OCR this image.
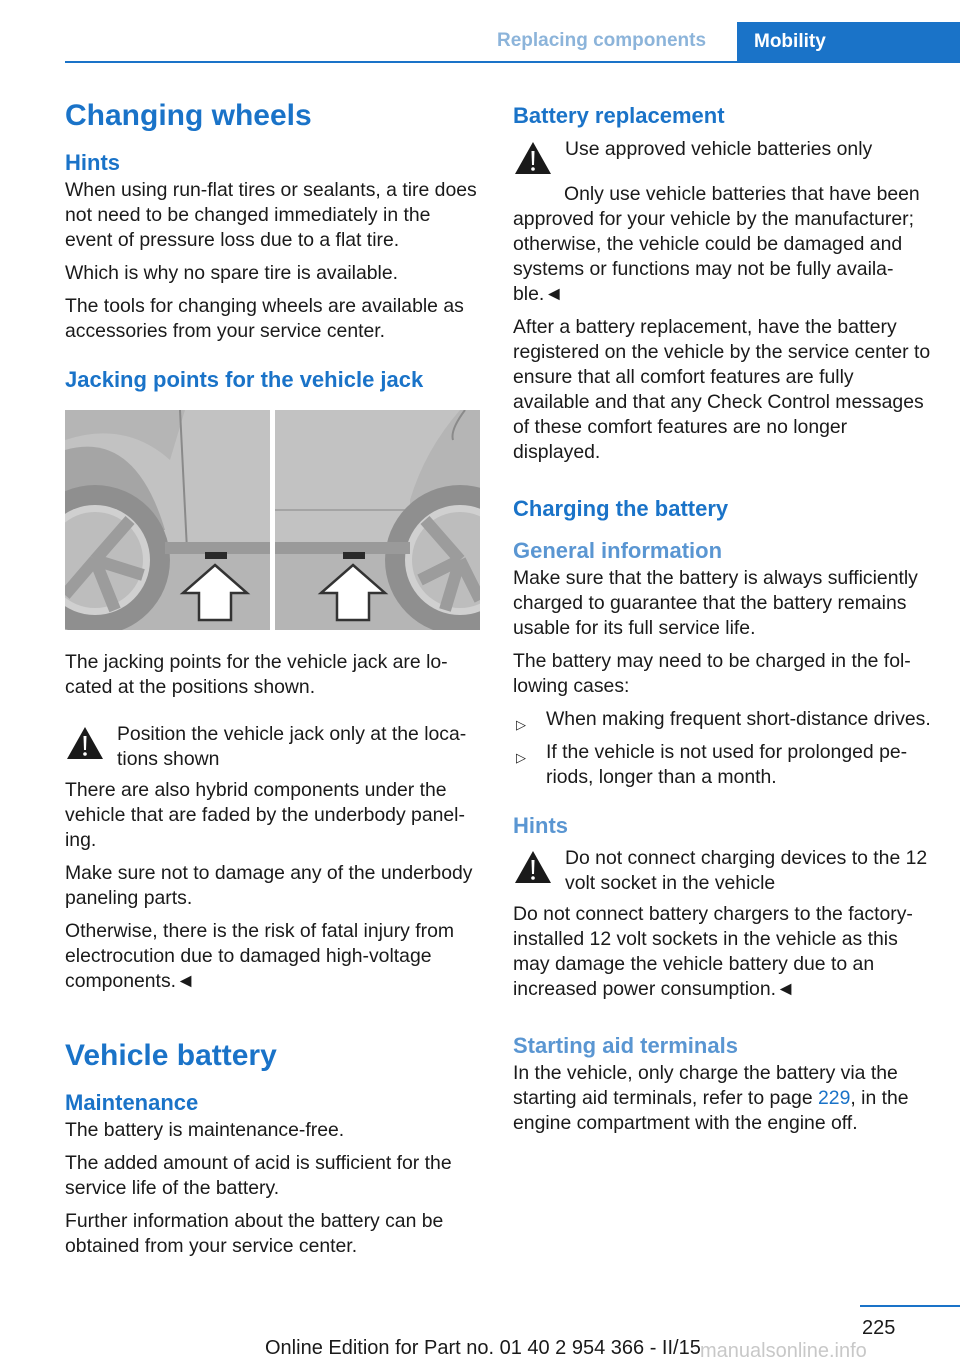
Replacing components	Mobility
Changing wheels
Hints

When using run-flat tires or sealants, a tire does not need to be changed immediately in the event of pressure loss due to a flat tire.

Which is why no spare tire is available.

The tools for changing wheels are available as accessories from your service center.

Jacking points for the vehicle jack

The jacking points for the vehicle jack are located at the positions shown.

Position the vehicle jack only at the locations shown

There are also hybrid components under the vehicle that are faded by the underbody paneling.

Make sure not to damage any of the underbody paneling parts.

Otherwise, there is the risk of fatal injury from electrocution due to damaged high-voltage components.◄

Vehicle battery
Maintenance

The battery is maintenance-free.

The added amount of acid is sufficient for the service life of the battery.

Further information about the battery can be obtained from your service center.

Battery replacement
Use approved vehicle batteries only

Only use vehicle batteries that have been approved for your vehicle by the manufacturer; otherwise, the vehicle could be damaged and systems or functions may not be fully available.◄

After a battery replacement, have the battery registered on the vehicle by the service center to ensure that all comfort features are fully available and that any Check Control messages of these comfort features are no longer displayed.

Charging the battery
General information

Make sure that the battery is always sufficiently charged to guarantee that the battery remains usable for its full service life.

The battery may need to be charged in the following cases:

▷ When making frequent short-distance drives.
▷ If the vehicle is not used for prolonged periods, longer than a month.
Hints
Do not connect charging devices to the 12 volt socket in the vehicle

Do not connect battery chargers to the factory-installed 12 volt sockets in the vehicle as this may damage the vehicle battery due to an increased power consumption.◄

Starting aid terminals

In the vehicle, only charge the battery via the starting aid terminals, refer to page 229, in the engine compartment with the engine off.

225
Online Edition for Part no. 01 40 2 954 366 - II/15 manualsonline.info
